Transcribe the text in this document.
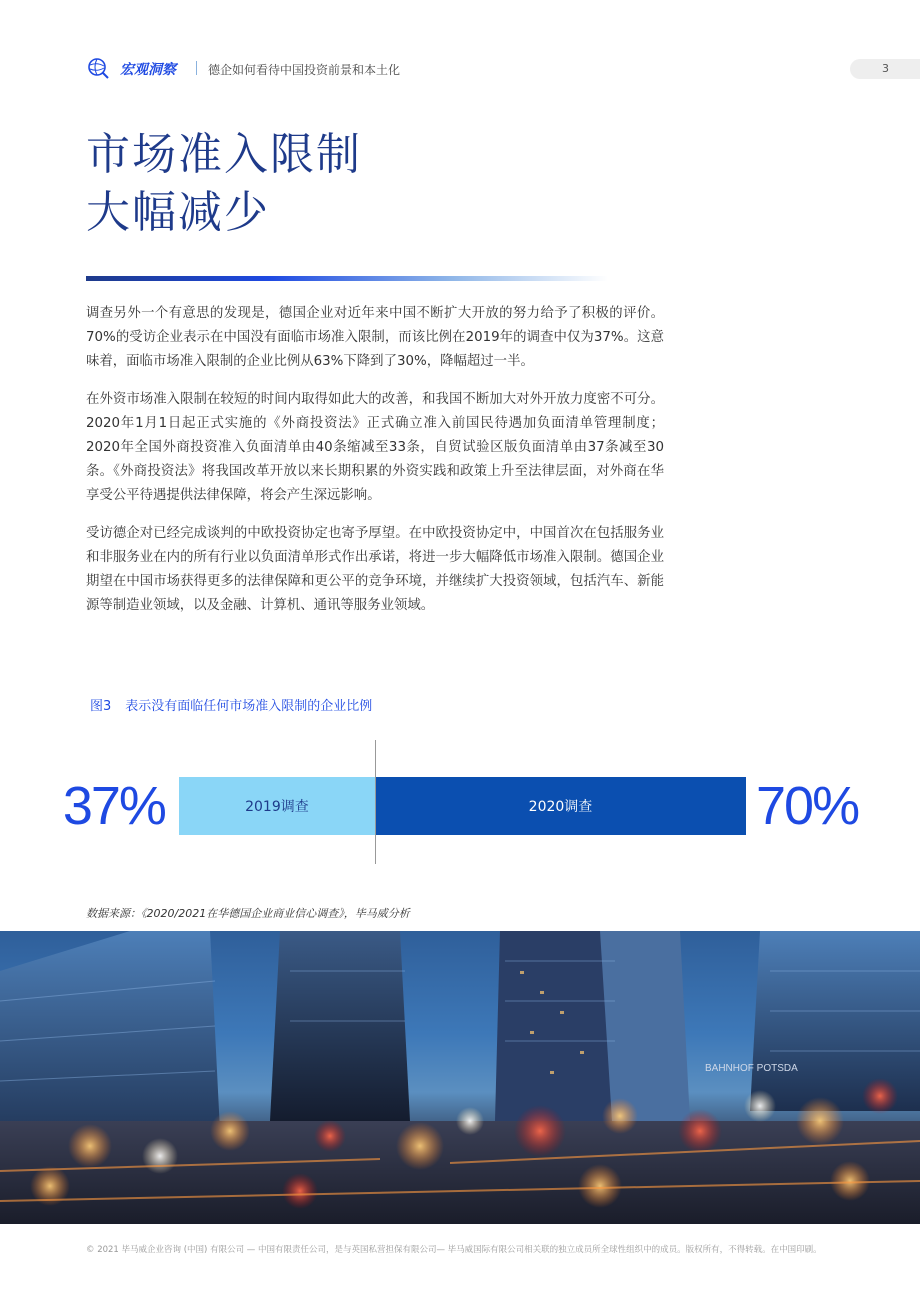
宏观洞察	德企如何看待中国投资前景和本土化	3
市场准入限制
大幅减少

调查另外一个有意思的发现是，德国企业对近年来中国不断扩大开放的努力给予了积极的评价。70%的受访企业表示在中国没有面临市场准入限制，而该比例在2019年的调查中仅为37%。这意味着，面临市场准入限制的企业比例从63%下降到了30%，降幅超过一半。

在外资市场准入限制在较短的时间内取得如此大的改善，和我国不断加大对外开放力度密不可分。2020年1月1日起正式实施的《外商投资法》正式确立准入前国民待遇加负面清单管理制度；2020年全国外商投资准入负面清单由40条缩减至33条，自贸试验区版负面清单由37条减至30条。《外商投资法》将我国改革开放以来长期积累的外资实践和政策上升至法律层面，对外商在华享受公平待遇提供法律保障，将会产生深远影响。

受访德企对已经完成谈判的中欧投资协定也寄予厚望。在中欧投资协定中，中国首次在包括服务业和非服务业在内的所有行业以负面清单形式作出承诺，将进一步大幅降低市场准入限制。德国企业期望在中国市场获得更多的法律保障和更公平的竞争环境，并继续扩大投资领域，包括汽车、新能源等制造业领域，以及金融、计算机、通讯等服务业领域。

图3 表示没有面临任何市场准入限制的企业比例
37%	2019调查	2020调查	70%
数据来源：《2020/2021在华德国企业商业信心调查》，毕马威分析
BAHNHOF POTSDA
© 2021 毕马威企业咨询 (中国) 有限公司 — 中国有限责任公司，是与英国私营担保有限公司— 毕马威国际有限公司相关联的独立成员所全球性组织中的成员。版权所有，不得转载。在中国印刷。
